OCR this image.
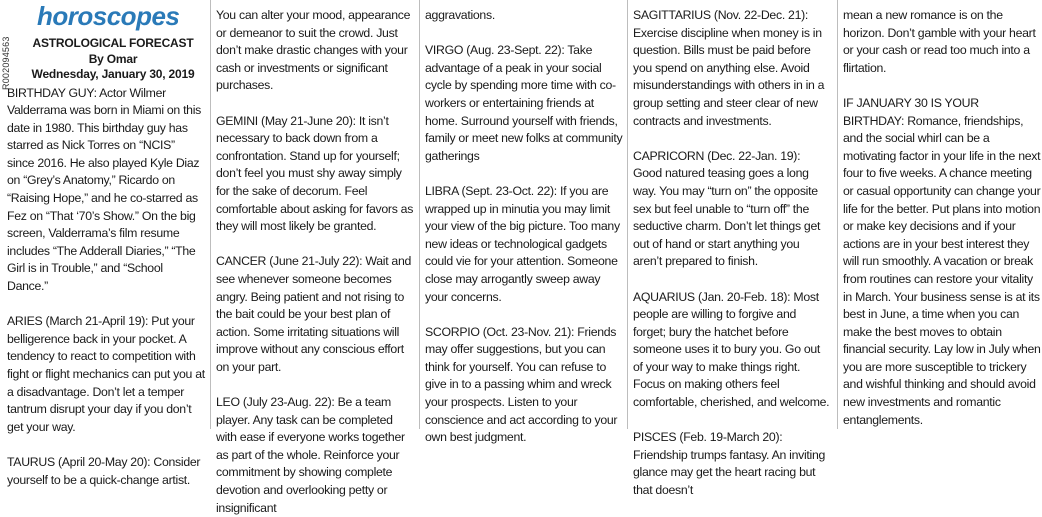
R002094563
horoscopes
ASTROLOGICAL FORECAST
By Omar
Wednesday, January 30, 2019

BIRTHDAY GUY: Actor Wilmer Valderrama was born in Miami on this date in 1980. This birthday guy has starred as Nick Torres on “NCIS” since 2016. He also played Kyle Diaz on “Grey’s Anatomy,” Ricardo on “Raising Hope,” and he co-starred as Fez on “That ‘70’s Show.” On the big screen, Valderrama’s film resume includes “The Adderall Diaries,” “The Girl is in Trouble,” and “School Dance.”

ARIES (March 21-April 19): Put your belligerence back in your pocket. A tendency to react to competition with fight or flight mechanics can put you at a disadvantage. Don’t let a temper tantrum disrupt your day if you don’t get your way.

TAURUS (April 20-May 20): Consider yourself to be a quick-change artist.

You can alter your mood, appearance or demeanor to suit the crowd. Just don’t make drastic changes with your cash or investments or significant purchases.

GEMINI (May 21-June 20): It isn’t necessary to back down from a confrontation. Stand up for yourself; don’t feel you must shy away simply for the sake of decorum. Feel comfortable about asking for favors as they will most likely be granted.

CANCER (June 21-July 22): Wait and see whenever someone becomes angry. Being patient and not rising to the bait could be your best plan of action. Some irritating situations will improve without any conscious effort on your part.

LEO (July 23-Aug. 22): Be a team player. Any task can be completed with ease if everyone works together as part of the whole. Reinforce your commitment by showing complete devotion and overlooking petty or insignificant

aggravations.

VIRGO (Aug. 23-Sept. 22): Take advantage of a peak in your social cycle by spending more time with co-workers or entertaining friends at home. Surround yourself with friends, family or meet new folks at community gatherings

LIBRA (Sept. 23-Oct. 22): If you are wrapped up in minutia you may limit your view of the big picture. Too many new ideas or technological gadgets could vie for your attention. Someone close may arrogantly sweep away your concerns.

SCORPIO (Oct. 23-Nov. 21): Friends may offer suggestions, but you can think for yourself. You can refuse to give in to a passing whim and wreck your prospects. Listen to your conscience and act according to your own best judgment.

SAGITTARIUS (Nov. 22-Dec. 21): Exercise discipline when money is in question. Bills must be paid before you spend on anything else. Avoid misunderstandings with others in in a group setting and steer clear of new contracts and investments.

CAPRICORN (Dec. 22-Jan. 19): Good natured teasing goes a long way. You may “turn on” the opposite sex but feel unable to “turn off” the seductive charm. Don’t let things get out of hand or start anything you aren’t prepared to finish.

AQUARIUS (Jan. 20-Feb. 18): Most people are willing to forgive and forget; bury the hatchet before someone uses it to bury you. Go out of your way to make things right. Focus on making others feel comfortable, cherished, and welcome.

PISCES (Feb. 19-March 20): Friendship trumps fantasy. An inviting glance may get the heart racing but that doesn’t

mean a new romance is on the horizon. Don’t gamble with your heart or your cash or read too much into a flirtation.

IF JANUARY 30 IS YOUR BIRTHDAY: Romance, friendships, and the social whirl can be a motivating factor in your life in the next four to five weeks. A chance meeting or casual opportunity can change your life for the better. Put plans into motion or make key decisions and if your actions are in your best interest they will run smoothly. A vacation or break from routines can restore your vitality in March. Your business sense is at its best in June, a time when you can make the best moves to obtain financial security. Lay low in July when you are more susceptible to trickery and wishful thinking and should avoid new investments and romantic entanglements.
